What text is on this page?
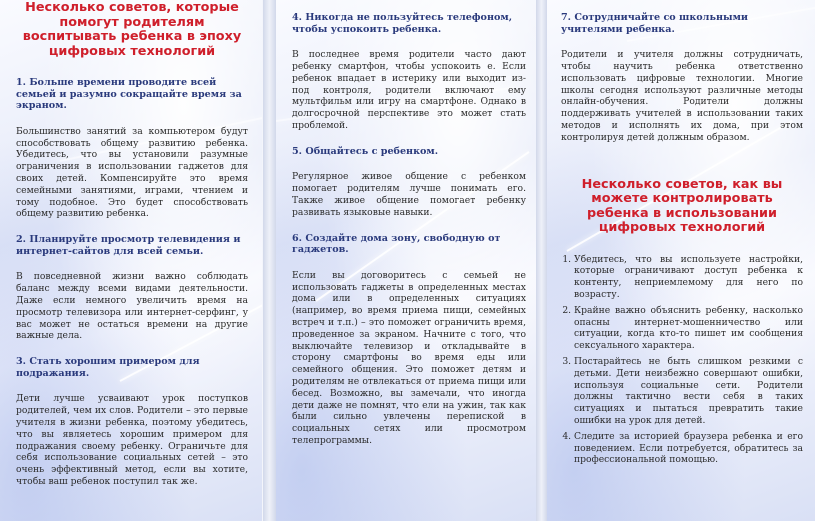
Несколько советов, которые помогут родителям воспитывать ребенка в эпоху цифровых технологий
1. Больше времени проводите всей семьей и разумно сокращайте время за экраном.
Большинство занятий за компьютером будут способствовать общему развитию ребенка. Убедитесь, что вы установили разумные ограничения в использовании гаджетов для своих детей. Компенсируйте это время семейными занятиями, играми, чтением и тому подобное. Это будет способствовать общему развитию ребенка.
2. Планируйте просмотр телевидения и интернет-сайтов для всей семьи.
В повседневной жизни важно соблюдать баланс между всеми видами деятельности. Даже если немного увеличить время на просмотр телевизора или интернет-серфинг, у вас может не остаться времени на другие важные дела.
3. Стать хорошим примером для подражания.
Дети лучше усваивают урок поступков родителей, чем их слов. Родители – это первые учителя в жизни ребенка, поэтому убедитесь, что вы являетесь хорошим примером для подражания своему ребенку. Ограничьте для себя использование социальных сетей – это очень эффективный метод, если вы хотите, чтобы ваш ребенок поступил так же.
4. Никогда не пользуйтесь телефоном, чтобы успокоить ребенка.
В последнее время родители часто дают ребенку смартфон, чтобы успокоить е. Если ребенок впадает в истерику или выходит из-под контроля, родители включают ему мультфильм или игру на смартфоне. Однако в долгосрочной перспективе это может стать проблемой.
5. Общайтесь с ребенком.
Регулярное живое общение с ребенком помогает родителям лучше понимать его. Также живое общение помогает ребенку развивать языковые навыки.
6. Создайте дома зону, свободную от гаджетов.
Если вы договоритесь с семьей не использовать гаджеты в определенных местах дома или в определенных ситуациях (например, во время приема пищи, семейных встреч и т.п.) – это поможет ограничить время, проведенное за экраном. Начните с того, что выключайте телевизор и откладывайте в сторону смартфоны во время еды или семейного общения. Это поможет детям и родителям не отвлекаться от приема пищи или бесед. Возможно, вы замечали, что иногда дети даже не помнят, что ели на ужин, так как были сильно увлечены перепиской в социальных сетях или просмотром телепрограммы.
7. Сотрудничайте со школьными учителями ребенка.
Родители и учителя должны сотрудничать, чтобы научить ребенка ответственно использовать цифровые технологии. Многие школы сегодня используют различные методы онлайн-обучения. Родители должны поддерживать учителей в использовании таких методов и исполнять их дома, при этом контролируя детей должным образом.
Несколько советов, как вы можете контролировать ребенка в использовании цифровых технологий
1. Убедитесь, что вы используете настройки, которые ограничивают доступ ребенка к контенту, неприемлемому для него по возрасту.
2. Крайне важно объяснить ребенку, насколько опасны интернет-мошенничество или ситуации, когда кто-то пишет им сообщения сексуального характера.
3. Постарайтесь не быть слишком резкими с детьми. Дети неизбежно совершают ошибки, используя социальные сети. Родители должны тактично вести себя в таких ситуациях и пытаться превратить такие ошибки на урок для детей.
4. Следите за историей браузера ребенка и его поведением. Если потребуется, обратитесь за профессиональной помощью.
